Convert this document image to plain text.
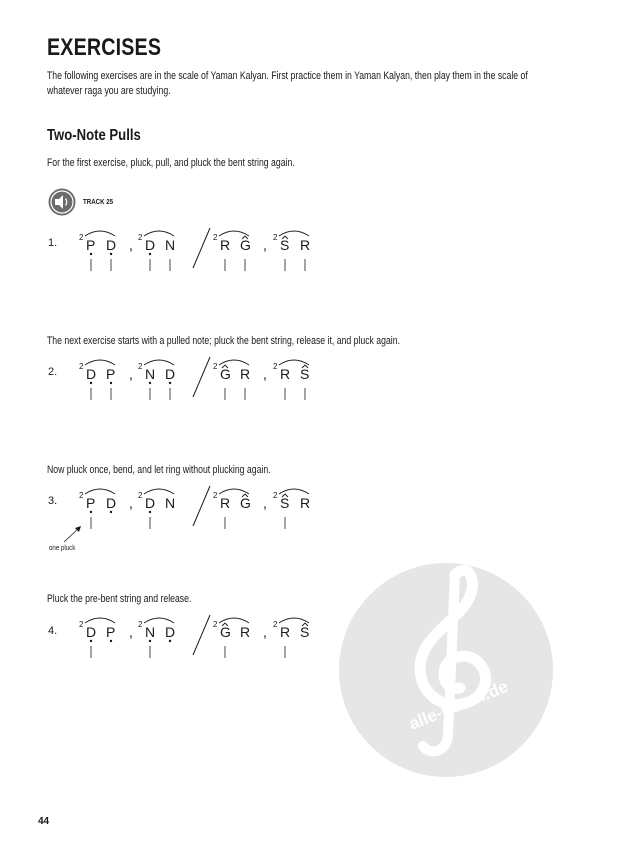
EXERCISES
The following exercises are in the scale of Yaman Kalyan. First practice them in Yaman Kalyan, then play them in the scale of
whatever raga you are studying.
Two-Note Pulls
For the first exercise, pluck, pull, and pluck the bent string again.
TRACK 25
The next exercise starts with a pulled note; pluck the bent string, release it, and pluck again.
Now pluck once, bend, and let ring without plucking again.
Pluck the pre-bent string and release.
1.
2.
3.
4.
one pluck
alle-noten.de
2 P D , 2 D N	2 R G , 2 S R
2 D P , 2 N D	2 G R , 2 R S
2 P D , 2 D N	2 R G , 2 S R
2 D P , 2 N D	2 G R , 2 R S
44
